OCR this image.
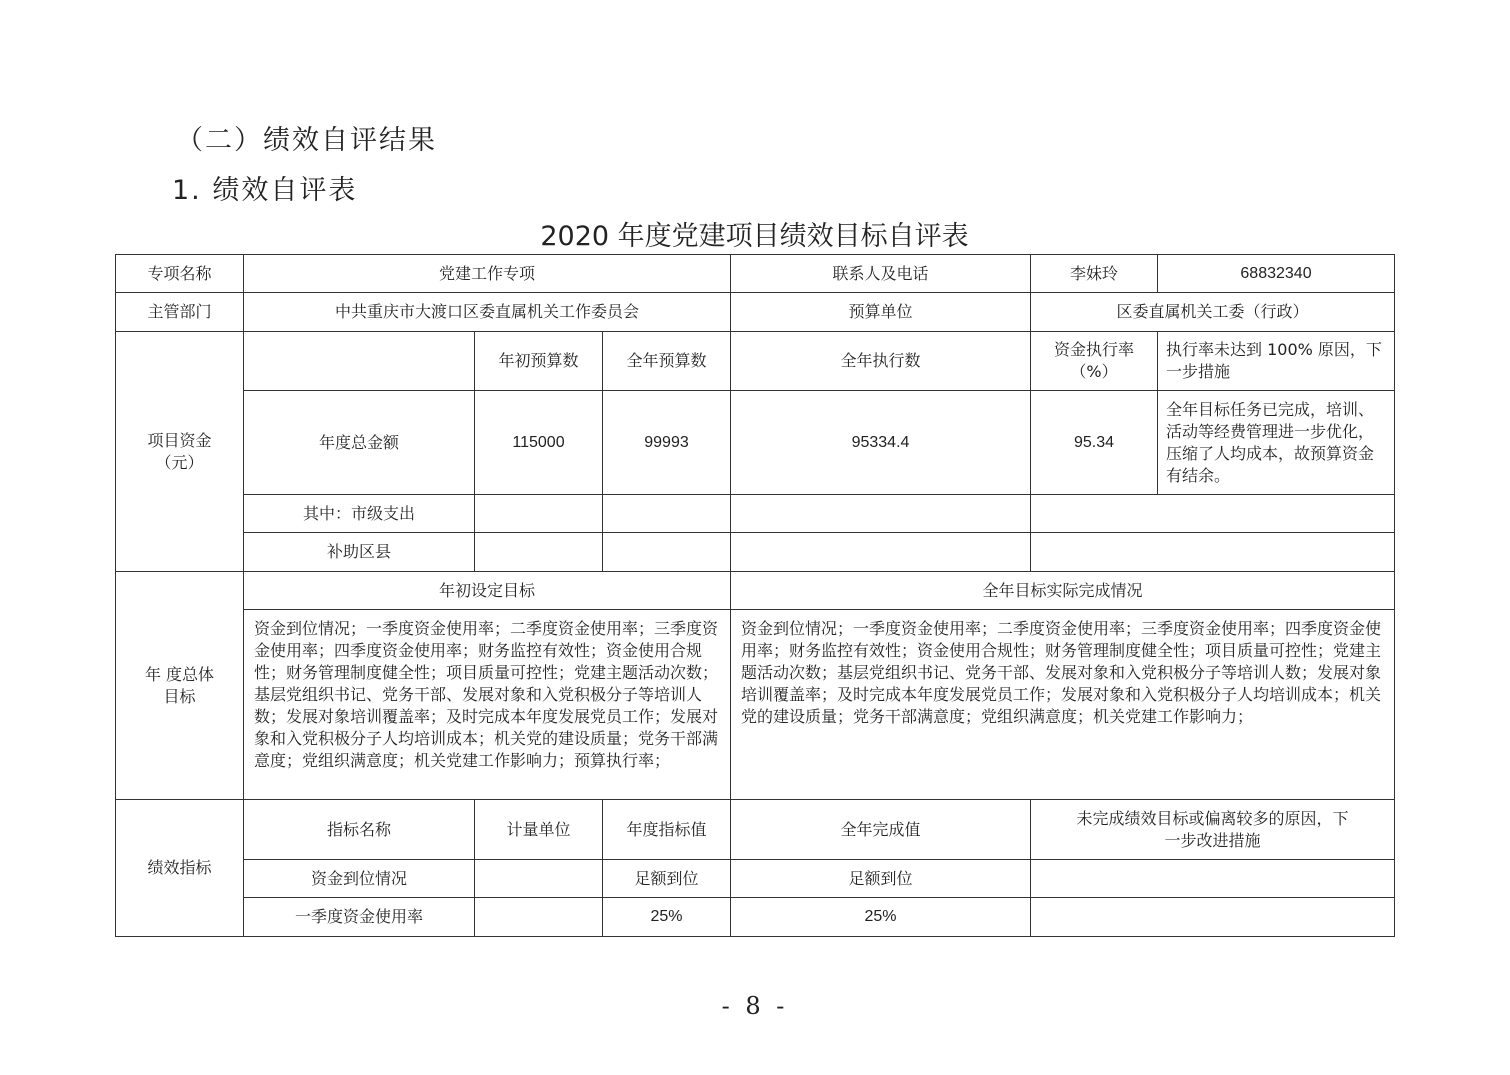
（二）绩效自评结果
1. 绩效自评表
2020 年度党建项目绩效目标自评表
专项名称	党建工作专项			联系人及电话	李妹玲	68832340
主管部门	中共重庆市大渡口区委直属机关工作委员会			预算单位	区委直属机关工委（行政）	
项目资金（元）		年初预算数	全年预算数	全年执行数	资金执行率（%）	执行率未达到 100% 原因，下一步措施
	年度总金额	115000	99993	95334.4	95.34	全年目标任务已完成，培训、活动等经费管理进一步优化，压缩了人均成本，故预算资金有结余。
	其中：市级支出					
	补助区县					
年 度总体目标	年初设定目标			全年目标实际完成情况		
	资金到位情况；一季度资金使用率；二季度资金使用率；三季度资金使用率；四季度资金使用率；财务监控有效性；资金使用合规性；财务管理制度健全性；项目质量可控性；党建主题活动次数；基层党组织书记、党务干部、发展对象和入党积极分子等培训人数；发展对象培训覆盖率；及时完成本年度发展党员工作；发展对象和入党积极分子人均培训成本；机关党的建设质量；党务干部满意度；党组织满意度；机关党建工作影响力；预算执行率；			资金到位情况；一季度资金使用率；二季度资金使用率；三季度资金使用率；四季度资金使用率；财务监控有效性；资金使用合规性；财务管理制度健全性；项目质量可控性；党建主题活动次数；基层党组织书记、党务干部、发展对象和入党积极分子等培训人数；发展对象培训覆盖率；及时完成本年度发展党员工作；发展对象和入党积极分子人均培训成本；机关党的建设质量；党务干部满意度；党组织满意度；机关党建工作影响力；		
绩效指标	指标名称	计量单位	年度指标值	全年完成值	未完成绩效目标或偏离较多的原因，下一步改进措施	
	资金到位情况		足额到位	足额到位		
	一季度资金使用率		25%	25%		
- 8 -
